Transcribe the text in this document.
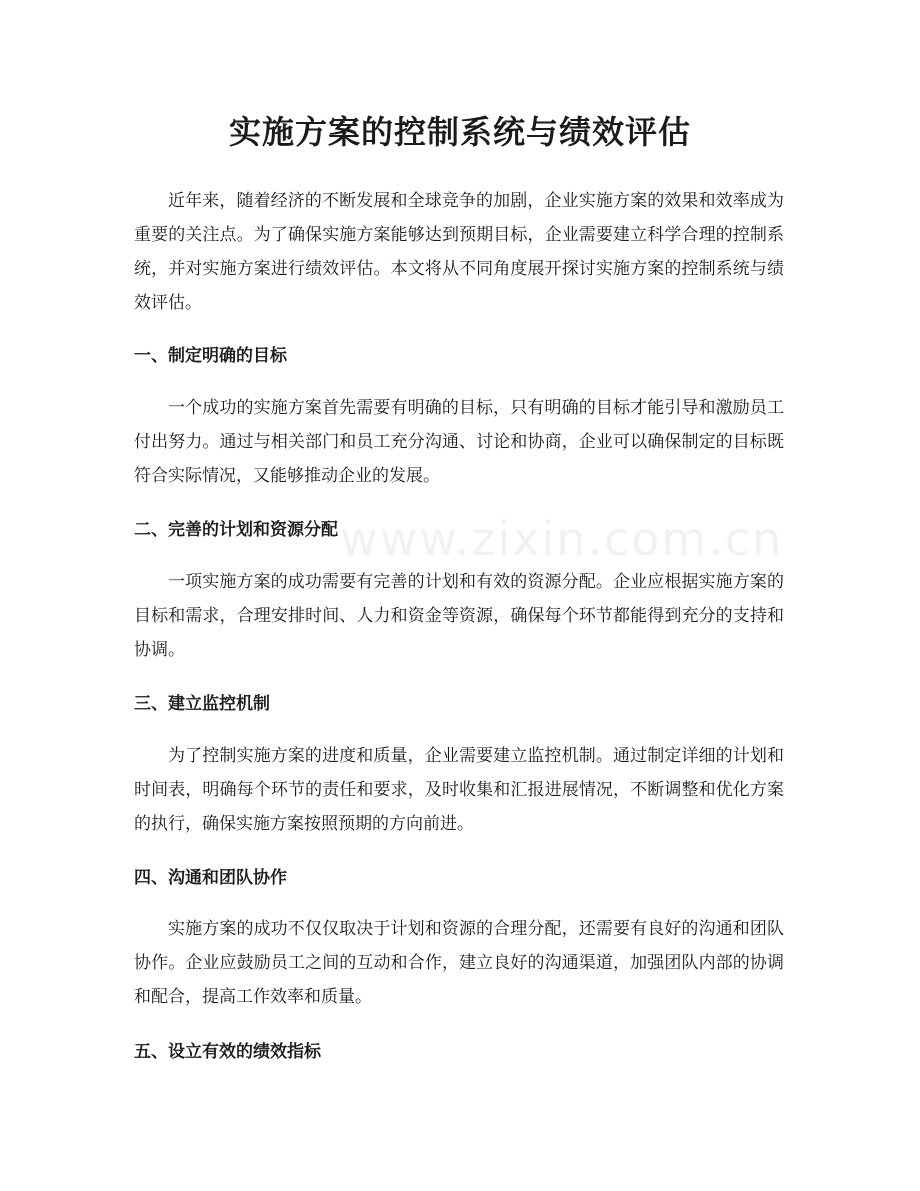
实施方案的控制系统与绩效评估

近年来，随着经济的不断发展和全球竞争的加剧，企业实施方案的效果和效率成为重要的关注点。为了确保实施方案能够达到预期目标，企业需要建立科学合理的控制系统，并对实施方案进行绩效评估。本文将从不同角度展开探讨实施方案的控制系统与绩效评估。

一、制定明确的目标

一个成功的实施方案首先需要有明确的目标，只有明确的目标才能引导和激励员工付出努力。通过与相关部门和员工充分沟通、讨论和协商，企业可以确保制定的目标既符合实际情况，又能够推动企业的发展。

二、完善的计划和资源分配

一项实施方案的成功需要有完善的计划和有效的资源分配。企业应根据实施方案的目标和需求，合理安排时间、人力和资金等资源，确保每个环节都能得到充分的支持和协调。

三、建立监控机制

为了控制实施方案的进度和质量，企业需要建立监控机制。通过制定详细的计划和时间表，明确每个环节的责任和要求，及时收集和汇报进展情况，不断调整和优化方案的执行，确保实施方案按照预期的方向前进。

四、沟通和团队协作

实施方案的成功不仅仅取决于计划和资源的合理分配，还需要有良好的沟通和团队协作。企业应鼓励员工之间的互动和合作，建立良好的沟通渠道，加强团队内部的协调和配合，提高工作效率和质量。

五、设立有效的绩效指标
www.zixin.com.cn
